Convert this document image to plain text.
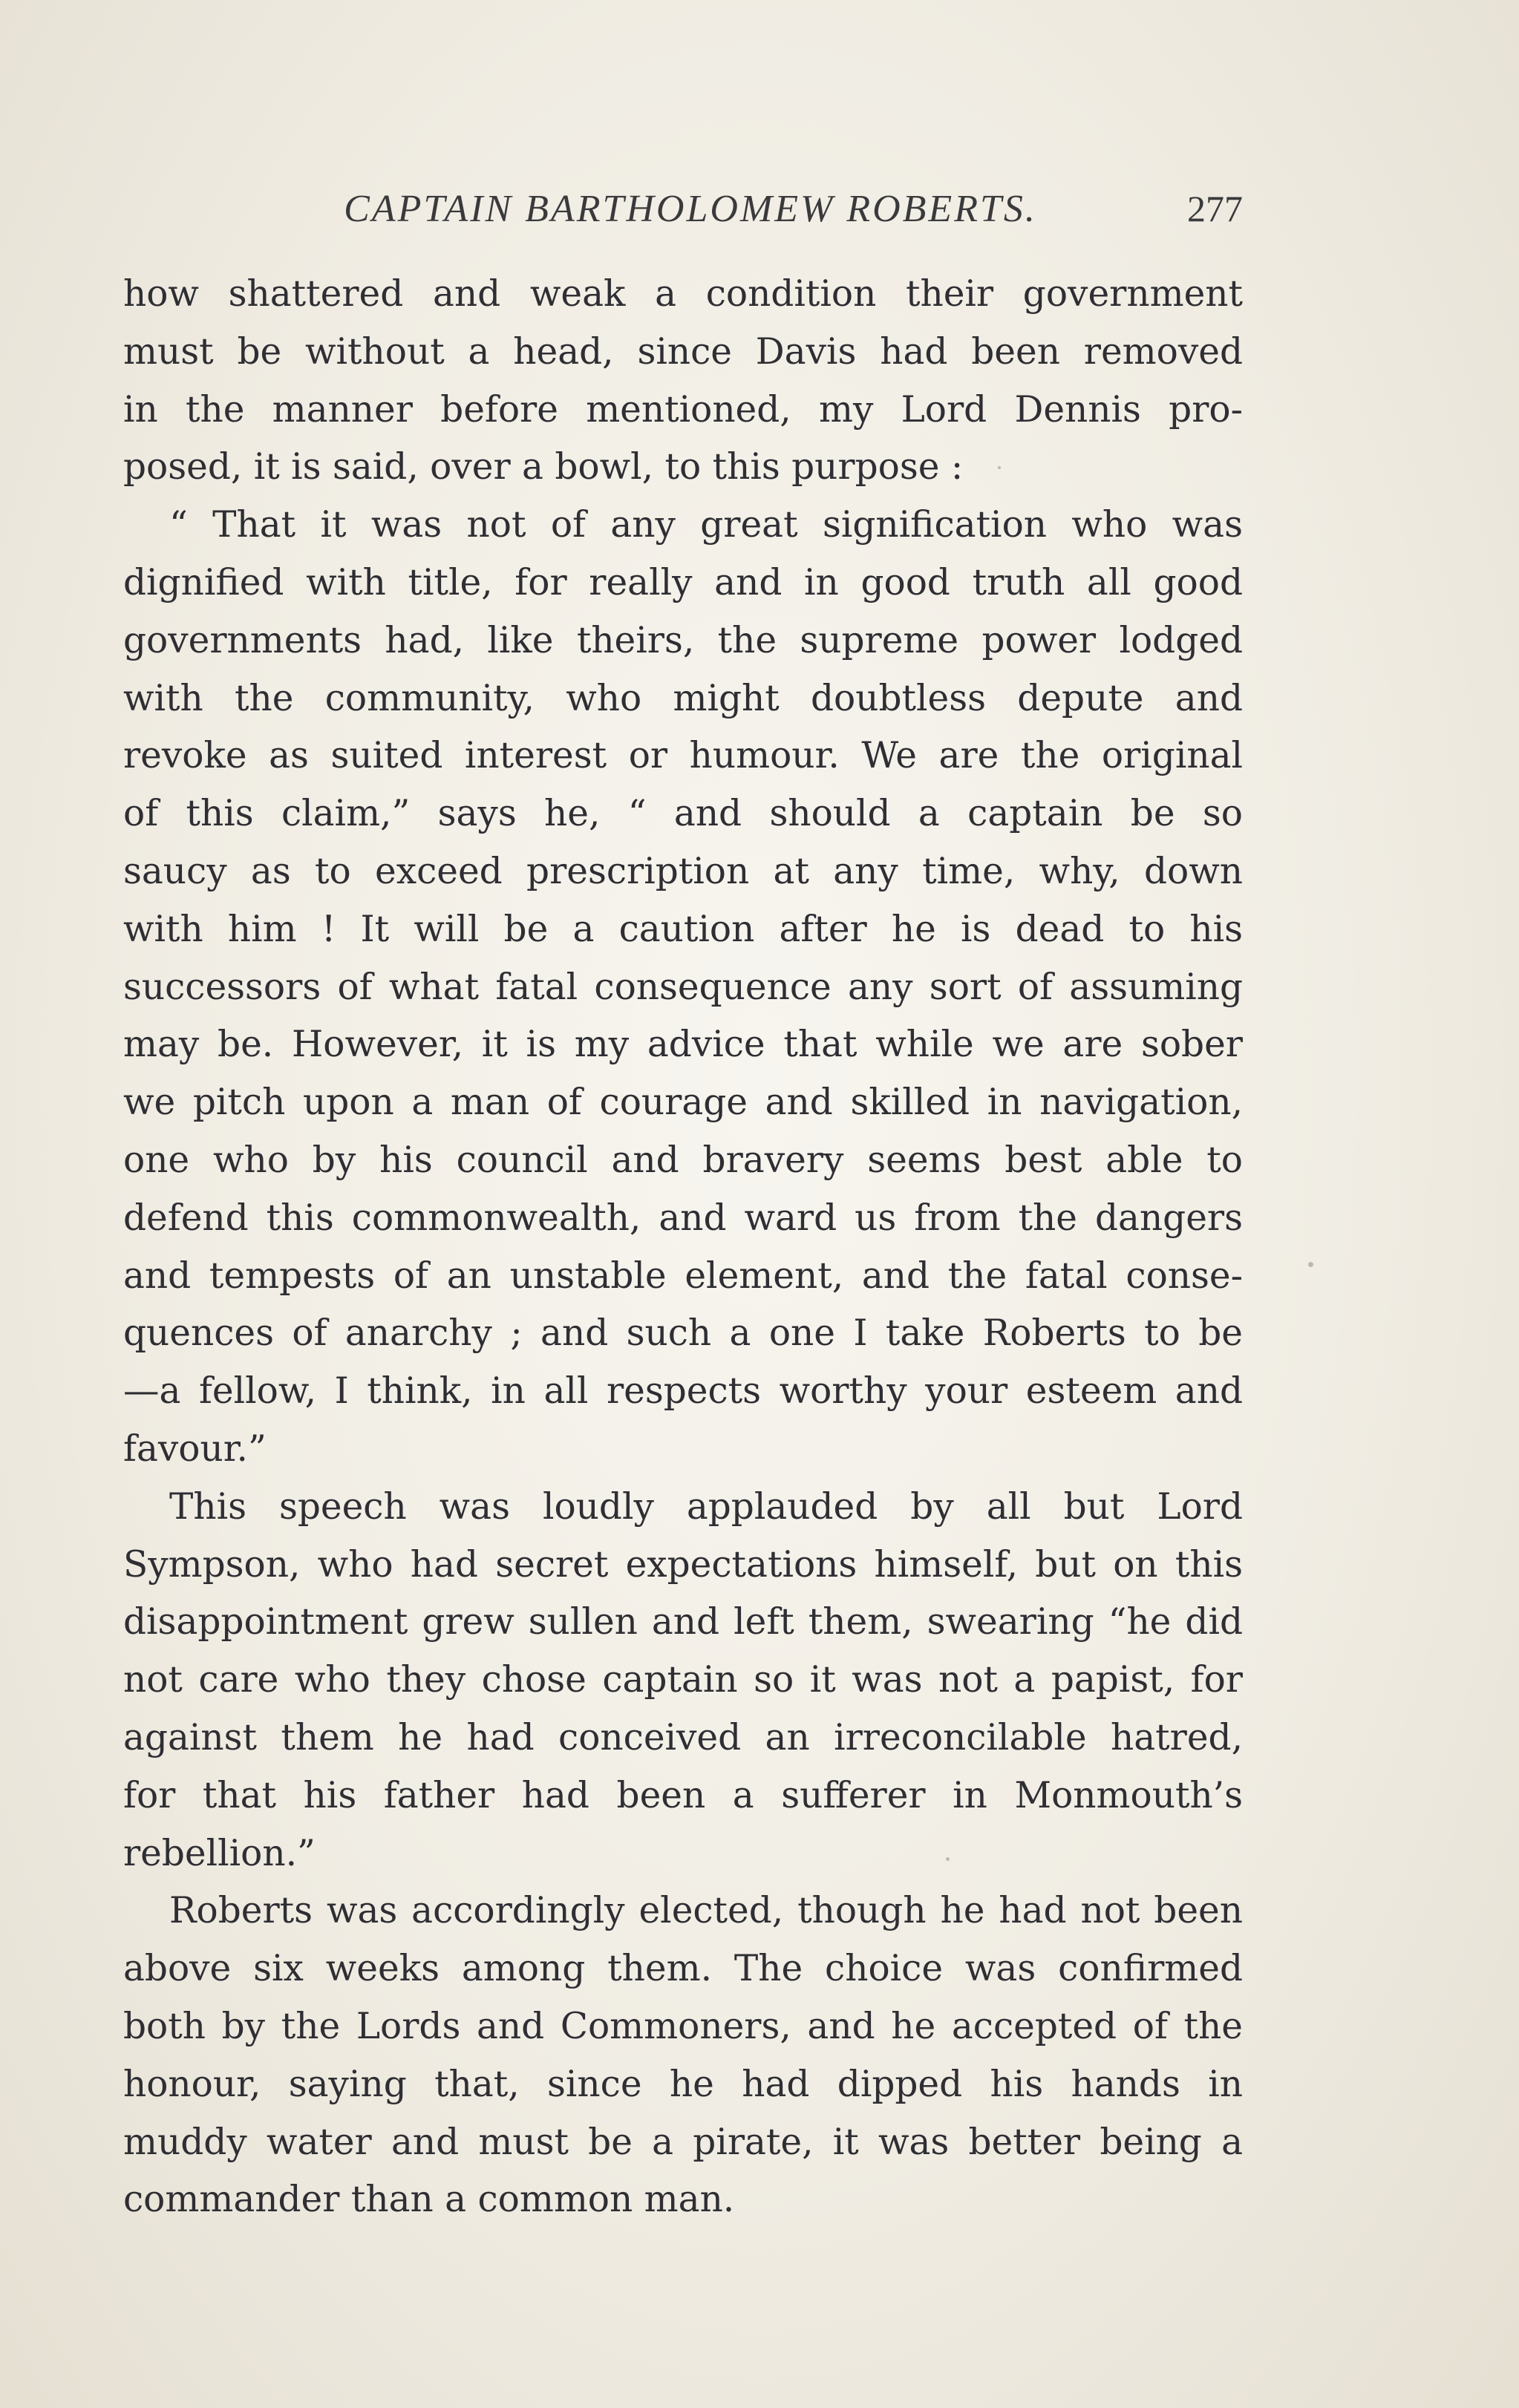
CAPTAIN BARTHOLOMEW ROBERTS.	277
how shattered and weak a condition their government
must be without a head, since Davis had been removed
in the manner before mentioned, my Lord Dennis pro-
posed, it is said, over a bowl, to this purpose :
“ That it was not of any great signification who was
dignified with title, for really and in good truth all good
governments had, like theirs, the supreme power lodged
with the community, who might doubtless depute and
revoke as suited interest or humour. We are the original
of this claim,” says he, “ and should a captain be so
saucy as to exceed prescription at any time, why, down
with him ! It will be a caution after he is dead to his
successors of what fatal consequence any sort of assuming
may be. However, it is my advice that while we are sober
we pitch upon a man of courage and skilled in navigation,
one who by his council and bravery seems best able to
defend this commonwealth, and ward us from the dangers
and tempests of an unstable element, and the fatal conse-
quences of anarchy ; and such a one I take Roberts to be
—a fellow, I think, in all respects worthy your esteem and
favour.”
This speech was loudly applauded by all but Lord
Sympson, who had secret expectations himself, but on this
disappointment grew sullen and left them, swearing “he did
not care who they chose captain so it was not a papist, for
against them he had conceived an irreconcilable hatred,
for that his father had been a sufferer in Monmouth’s
rebellion.”
Roberts was accordingly elected, though he had not been
above six weeks among them. The choice was confirmed
both by the Lords and Commoners, and he accepted of the
honour, saying that, since he had dipped his hands in
muddy water and must be a pirate, it was better being a
commander than a common man.
